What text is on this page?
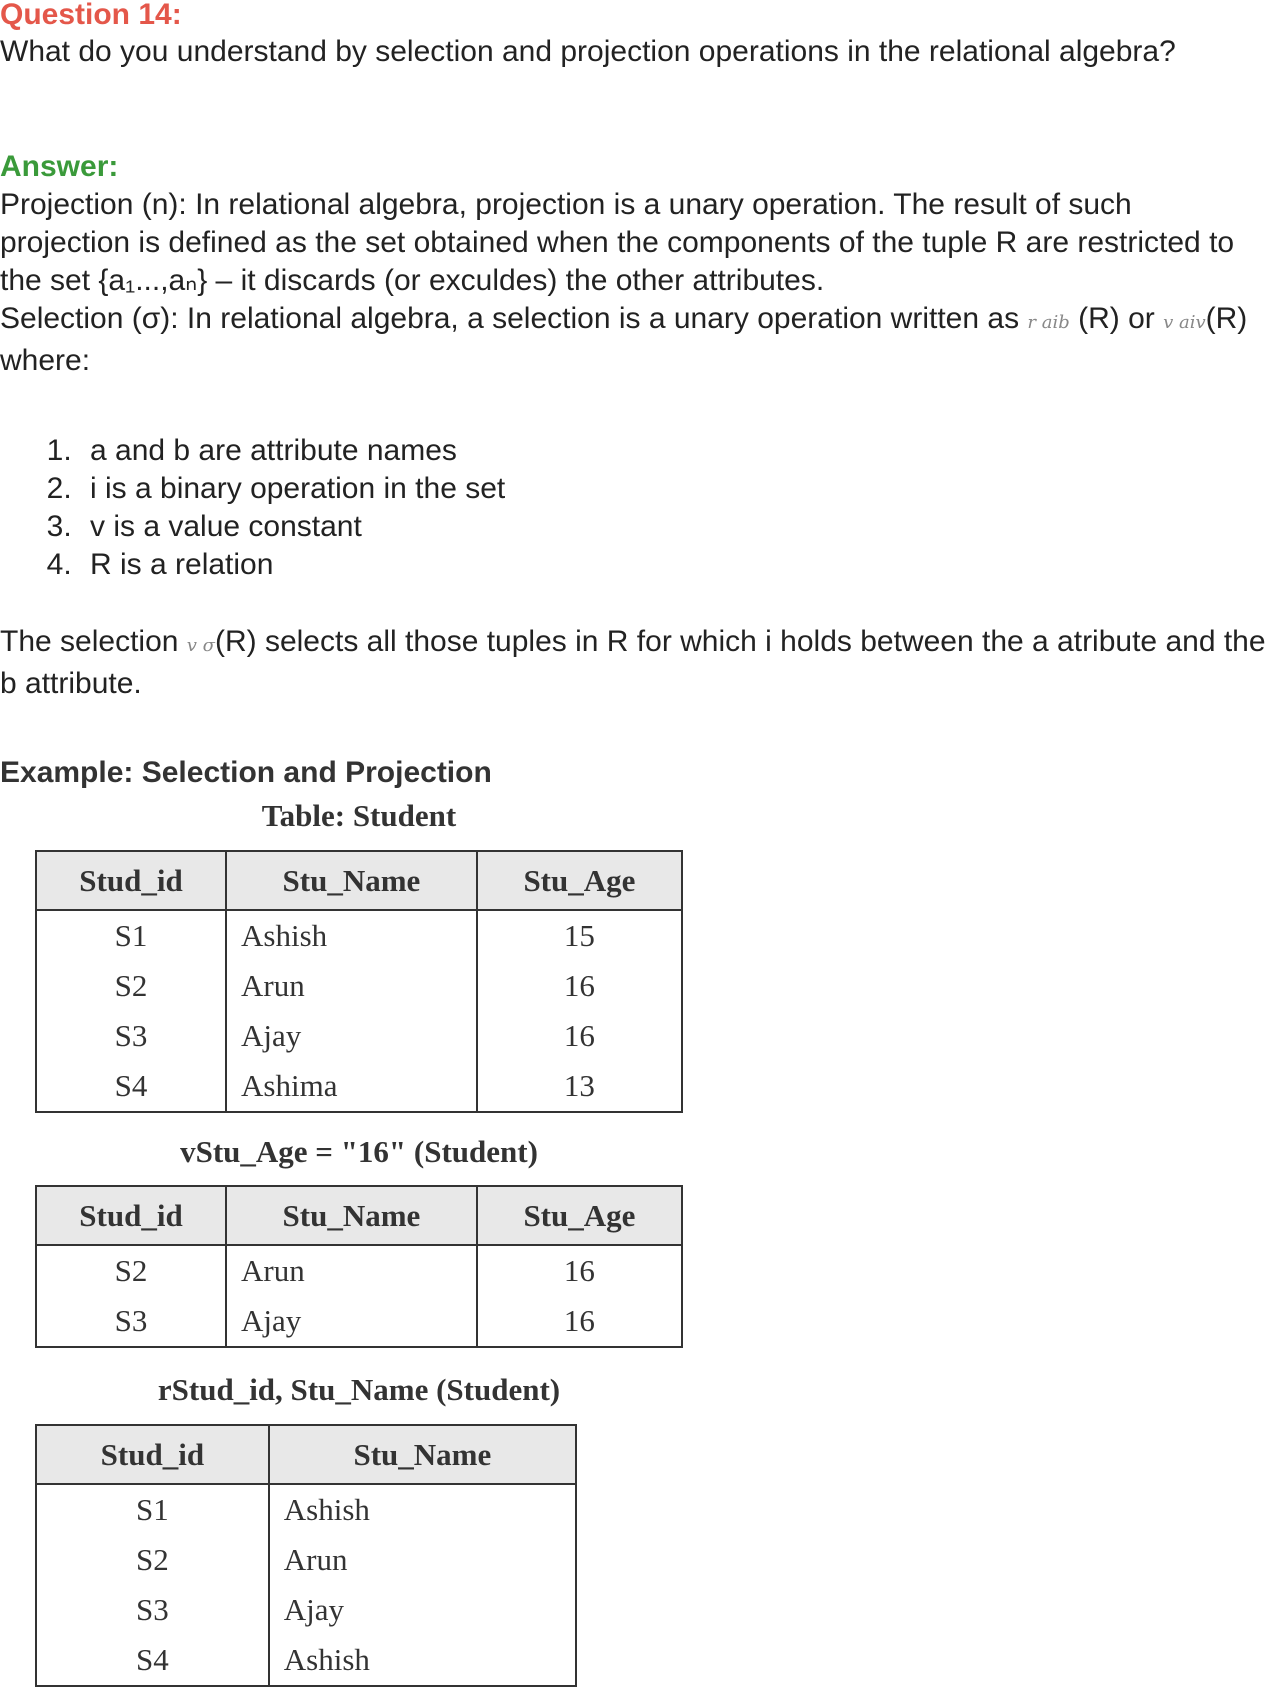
Question 14:

What do you understand by selection and projection operations in the relational algebra?

Answer:

Projection (n): In relational algebra, projection is a unary operation. The result of such projection is defined as the set obtained when the components of the tuple R are restricted to the set {a₁...,aₙ} – it discards (or exculdes) the other attributes.

Selection (σ): In relational algebra, a selection is a unary operation written as r aib (R) or v aiv(R) where:

1. a and b are attribute names
2. i is a binary operation in the set
3. v is a value constant
4. R is a relation

The selection v σ(R) selects all those tuples in R for which i holds between the a atribute and the b attribute.

Example: Selection and Projection
Table: Student
Stud_id	Stu_Name	Stu_Age
S1	Ashish	15
S2	Arun	16
S3	Ajay	16
S4	Ashima	13
vStu_Age = "16" (Student)
Stud_id	Stu_Name	Stu_Age
S2	Arun	16
S3	Ajay	16
rStud_id, Stu_Name (Student)
Stud_id	Stu_Name
S1	Ashish
S2	Arun
S3	Ajay
S4	Ashish
